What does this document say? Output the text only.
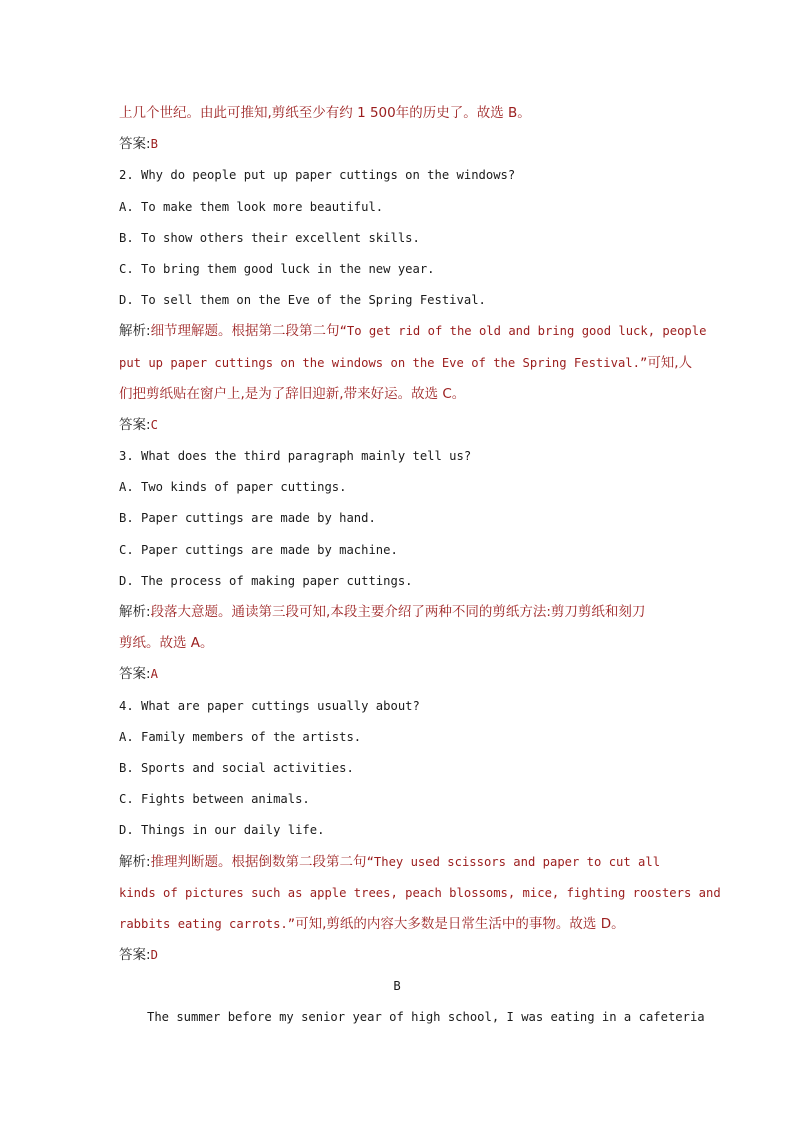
上几个世纪。由此可推知,剪纸至少有约 1 500年的历史了。故选 B。
答案:B
2. Why do people put up paper cuttings on the windows?
A. To make them look more beautiful.
B. To show others their excellent skills.
C. To bring them good luck in the new year.
D. To sell them on the Eve of the Spring Festival.
解析:细节理解题。根据第二段第二句“To get rid of the old and bring good luck, people
put up paper cuttings on the windows on the Eve of the Spring Festival.”可知,人
们把剪纸贴在窗户上,是为了辞旧迎新,带来好运。故选 C。
答案:C
3. What does the third paragraph mainly tell us?
A. Two kinds of paper cuttings.
B. Paper cuttings are made by hand.
C. Paper cuttings are made by machine.
D. The process of making paper cuttings.
解析:段落大意题。通读第三段可知,本段主要介绍了两种不同的剪纸方法:剪刀剪纸和刻刀
剪纸。故选 A。
答案:A
4. What are paper cuttings usually about?
A. Family members of the artists.
B. Sports and social activities.
C. Fights between animals.
D. Things in our daily life.
解析:推理判断题。根据倒数第二段第二句“They used scissors and paper to cut all
kinds of pictures such as apple trees, peach blossoms, mice, fighting roosters and
rabbits eating carrots.”可知,剪纸的内容大多数是日常生活中的事物。故选 D。
答案:D
B
The summer before my senior year of high school, I was eating in a cafeteria
